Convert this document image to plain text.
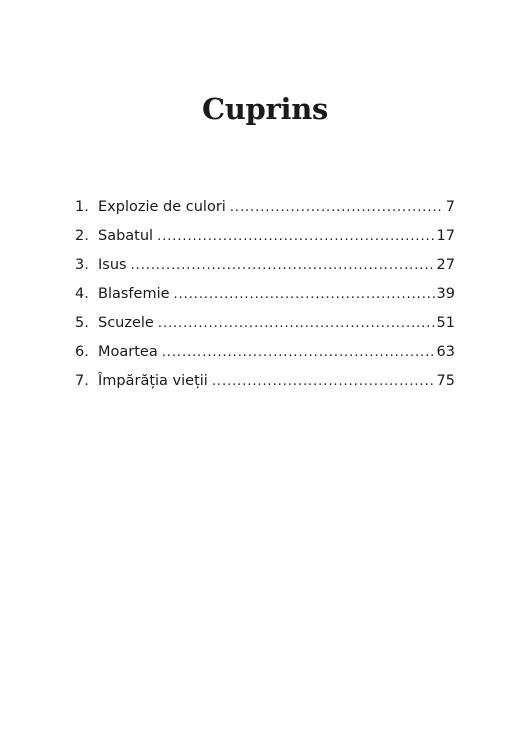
Cuprins
1. Explozie de culori . . .	7
2. Sabatul . . .	17
3. Isus . . .	27
4. Blasfemie . . .	39
5. Scuzele . . .	51
6. Moartea . . .	63
7. Împărăția vieții . . .	75
